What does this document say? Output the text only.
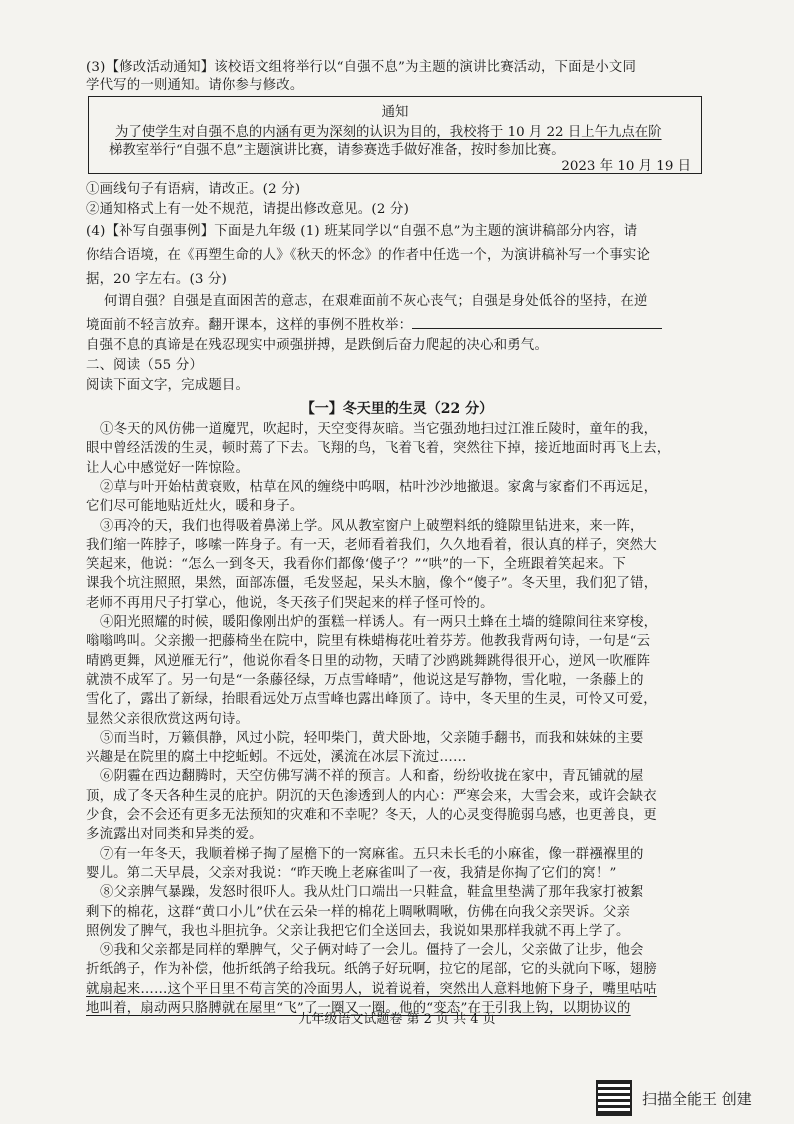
(3)【修改活动通知】该校语文组将举行以“自强不息”为主题的演讲比赛活动，下面是小文同
学代写的一则通知。请你参与修改。
通知
为了使学生对自强不息的内涵有更为深刻的认识为目的，我校将于 10 月 22 日上午九点在阶
梯教室举行“自强不息”主题演讲比赛，请参赛选手做好准备，按时参加比赛。
2023 年 10 月 19 日
①画线句子有语病，请改正。(2 分)
②通知格式上有一处不规范，请提出修改意见。(2 分)
(4)【补写自强事例】下面是九年级 (1) 班某同学以“自强不息”为主题的演讲稿部分内容，请
你结合语境，在《再塑生命的人》《秋天的怀念》的作者中任选一个，为演讲稿补写一个事实论
据，20 字左右。(3 分)
何谓自强？自强是直面困苦的意志，在艰难面前不灰心丧气；自强是身处低谷的坚持，在逆
境面前不轻言放弃。翻开课本，这样的事例不胜枚举：
自强不息的真谛是在残忍现实中顽强拼搏，是跌倒后奋力爬起的决心和勇气。
二、阅读（55 分）
阅读下面文字，完成题目。
【一】冬天里的生灵（22 分）
①冬天的风仿佛一道魔咒，吹起时，天空变得灰暗。当它强劲地扫过江淮丘陵时，童年的我，
眼中曾经活泼的生灵，顿时蔫了下去。飞翔的鸟，飞着飞着，突然往下掉，接近地面时再飞上去，
让人心中感觉好一阵惊险。
②草与叶开始枯黄衰败，枯草在风的缠绕中呜咽，枯叶沙沙地撤退。家禽与家畜们不再远足，
它们尽可能地贴近灶火，暖和身子。
③再冷的天，我们也得吸着鼻涕上学。风从教室窗户上破塑料纸的缝隙里钻进来，来一阵，
我们缩一阵脖子，哆嗦一阵身子。有一天，老师看着我们，久久地看着，很认真的样子，突然大
笑起来，他说：“怎么一到冬天，我看你们都像‘傻子’？”“哄”的一下，全班跟着笑起来。下
课我个坑注照照，果然，面部冻僵，毛发竖起，呆头木脑，像个“傻子”。冬天里，我们犯了错，
老师不再用尺子打掌心，他说，冬天孩子们哭起来的样子怪可怜的。
④阳光照耀的时候，暖阳像刚出炉的蛋糕一样诱人。有一两只土蜂在土墙的缝隙间往来穿梭，
嗡嗡鸣叫。父亲搬一把藤椅坐在院中，院里有株蜡梅花吐着芬芳。他教我背两句诗，一句是“云
晴鸥更舞，风逆雁无行”，他说你看冬日里的动物，天晴了沙鸥跳舞跳得很开心，逆风一吹雁阵
就溃不成军了。另一句是“一条藤径绿，万点雪峰晴”，他说这是写静物，雪化啦，一条藤上的
雪化了，露出了新绿，抬眼看远处万点雪峰也露出峰顶了。诗中，冬天里的生灵，可怜又可爱，
显然父亲很欣赏这两句诗。
⑤而当时，万籁俱静，风过小院，轻叩柴门，黄犬卧地，父亲随手翻书，而我和妹妹的主要
兴趣是在院里的腐土中挖蚯蚓。不远处，溪流在冰层下流过……
⑥阴霾在西边翻腾时，天空仿佛写满不祥的预言。人和畜，纷纷收拢在家中，青瓦铺就的屋
顶，成了冬天各种生灵的庇护。阴沉的天色渗透到人的内心：严寒会来，大雪会来，或许会缺衣
少食，会不会还有更多无法预知的灾难和不幸呢？冬天，人的心灵变得脆弱乌感，也更善良，更
多流露出对同类和异类的爱。
⑦有一年冬天，我顺着梯子掏了屋檐下的一窝麻雀。五只未长毛的小麻雀，像一群襁褓里的
婴儿。第二天早晨，父亲对我说：“昨天晚上老麻雀叫了一夜，我猜是你掏了它们的窝！”
⑧父亲脾气暴躁，发怒时很吓人。我从灶门口端出一只鞋盒，鞋盒里垫满了那年我家打被絮
剩下的棉花，这群“黄口小儿”伏在云朵一样的棉花上啁啾啁啾，仿佛在向我父亲哭诉。父亲
照例发了脾气，我也斗胆抗争。父亲让我把它们全送回去，我说如果那样我就不再上学了。
⑨我和父亲都是同样的犟脾气，父子俩对峙了一会儿。僵持了一会儿，父亲做了让步，他会
折纸鸽子，作为补偿，他折纸鸽子给我玩。纸鸽子好玩啊，拉它的尾部，它的头就向下啄，翅膀
就扇起来……这个平日里不苟言笑的冷面男人，说着说着，突然出人意料地俯下身子，嘴里咕咕
地叫着，扇动两只胳膊就在屋里“飞”了一圈又一圈。他的“变态”在于引我上钩，以期协议的
九年级语文试题卷 第 2 页 共 4 页
扫描全能王 创建
